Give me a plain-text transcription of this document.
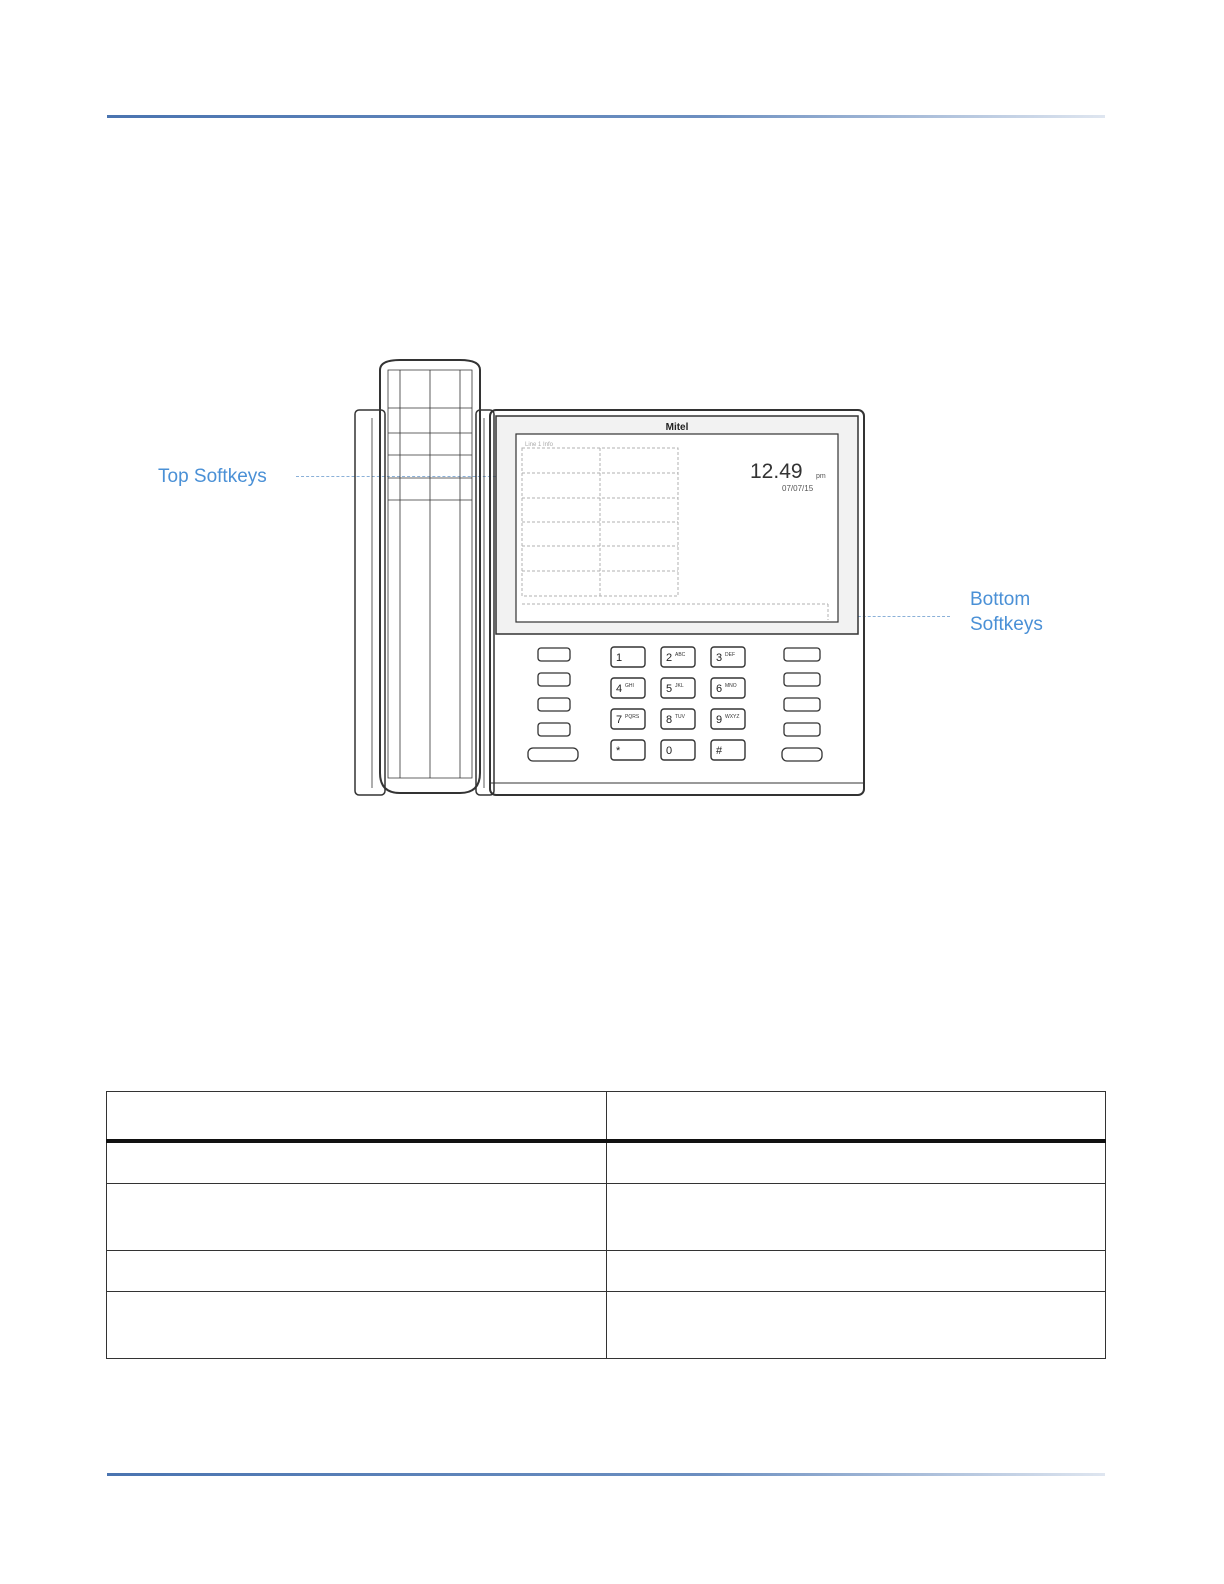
Top Softkeys
Bottom
Softkeys
Mitel
Line 1 Info
12.49 pm
07/07/15
1	2 ABC	3 DEF
4 GHI	5 JKL	6 MNO
7 PQRS 8 TUV	9 WXYZ
*	0	#
